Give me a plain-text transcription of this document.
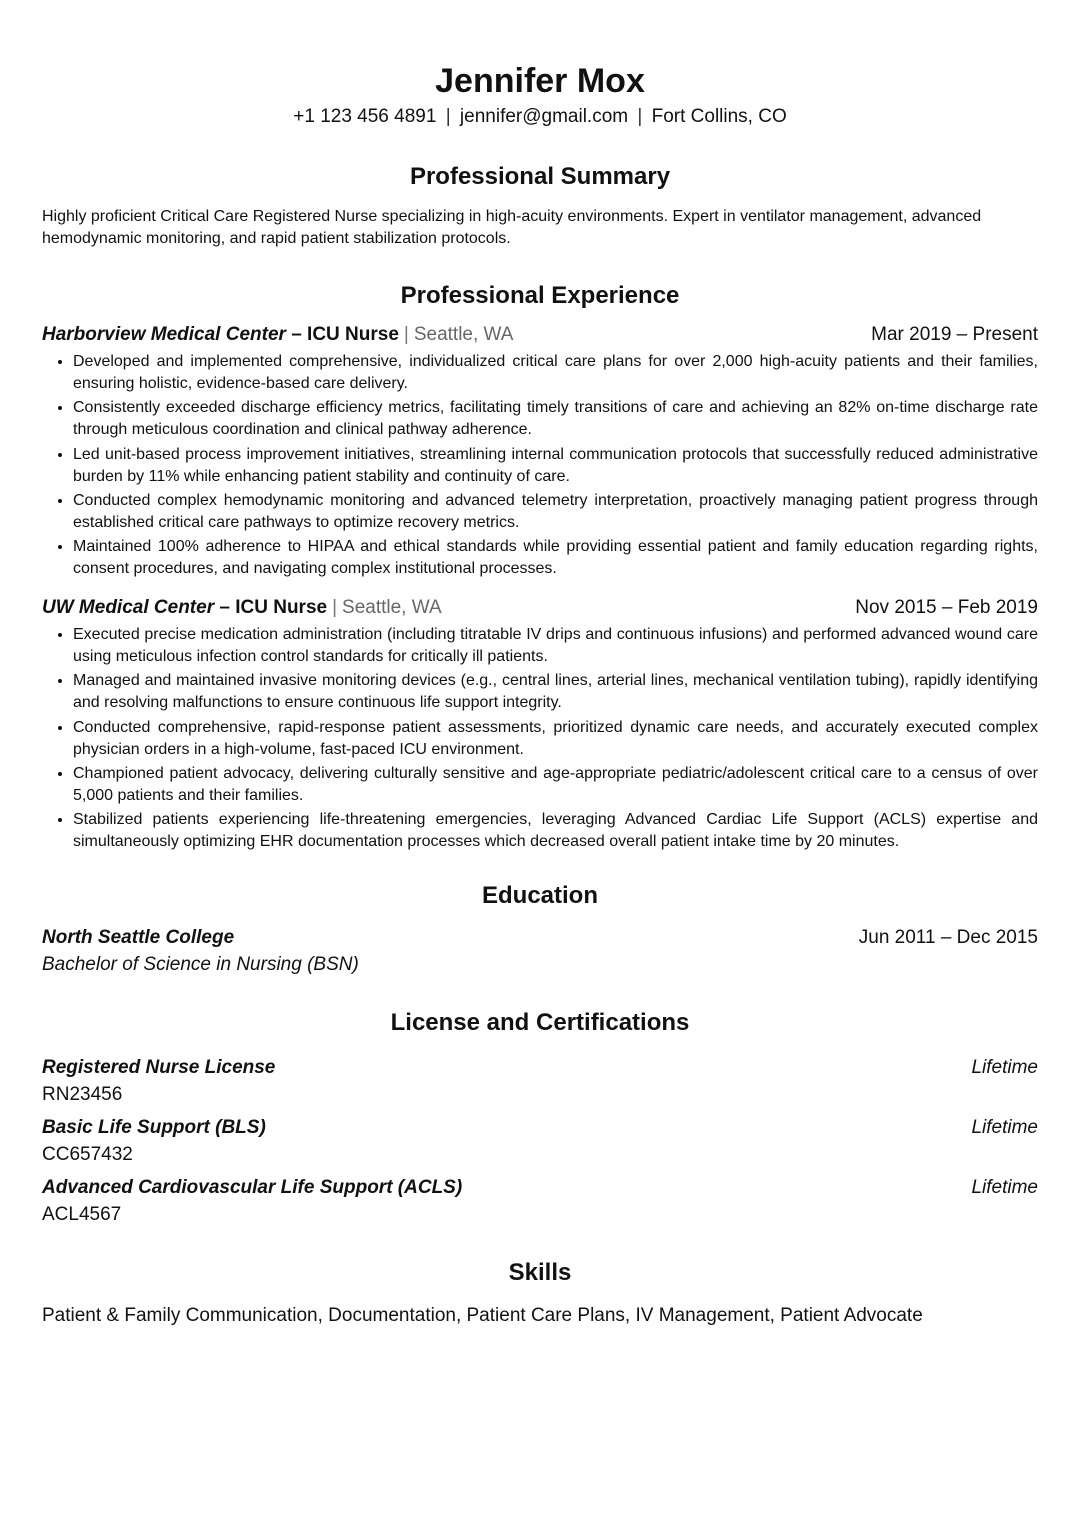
Jennifer Mox
+1 123 456 4891 | jennifer@gmail.com | Fort Collins, CO
Professional Summary
Highly proficient Critical Care Registered Nurse specializing in high-acuity environments. Expert in ventilator management, advanced hemodynamic monitoring, and rapid patient stabilization protocols.
Professional Experience
Harborview Medical Center – ICU Nurse | Seattle, WA	Mar 2019 – Present
• Developed and implemented comprehensive, individualized critical care plans for over 2,000 high-acuity patients and their families, ensuring holistic, evidence-based care delivery.
• Consistently exceeded discharge efficiency metrics, facilitating timely transitions of care and achieving an 82% on-time discharge rate through meticulous coordination and clinical pathway adherence.
• Led unit-based process improvement initiatives, streamlining internal communication protocols that successfully reduced administrative burden by 11% while enhancing patient stability and continuity of care.
• Conducted complex hemodynamic monitoring and advanced telemetry interpretation, proactively managing patient progress through established critical care pathways to optimize recovery metrics.
• Maintained 100% adherence to HIPAA and ethical standards while providing essential patient and family education regarding rights, consent procedures, and navigating complex institutional processes.
UW Medical Center – ICU Nurse | Seattle, WA	Nov 2015 – Feb 2019
• Executed precise medication administration (including titratable IV drips and continuous infusions) and performed advanced wound care using meticulous infection control standards for critically ill patients.
• Managed and maintained invasive monitoring devices (e.g., central lines, arterial lines, mechanical ventilation tubing), rapidly identifying and resolving malfunctions to ensure continuous life support integrity.
• Conducted comprehensive, rapid-response patient assessments, prioritized dynamic care needs, and accurately executed complex physician orders in a high-volume, fast-paced ICU environment.
• Championed patient advocacy, delivering culturally sensitive and age-appropriate pediatric/adolescent critical care to a census of over 5,000 patients and their families.
• Stabilized patients experiencing life-threatening emergencies, leveraging Advanced Cardiac Life Support (ACLS) expertise and simultaneously optimizing EHR documentation processes which decreased overall patient intake time by 20 minutes.
Education
North Seattle College	Jun 2011 – Dec 2015
Bachelor of Science in Nursing (BSN)
License and Certifications
Registered Nurse License	Lifetime
RN23456
Basic Life Support (BLS)	Lifetime
CC657432
Advanced Cardiovascular Life Support (ACLS)	Lifetime
ACL4567
Skills
Patient & Family Communication, Documentation, Patient Care Plans, IV Management, Patient Advocate
